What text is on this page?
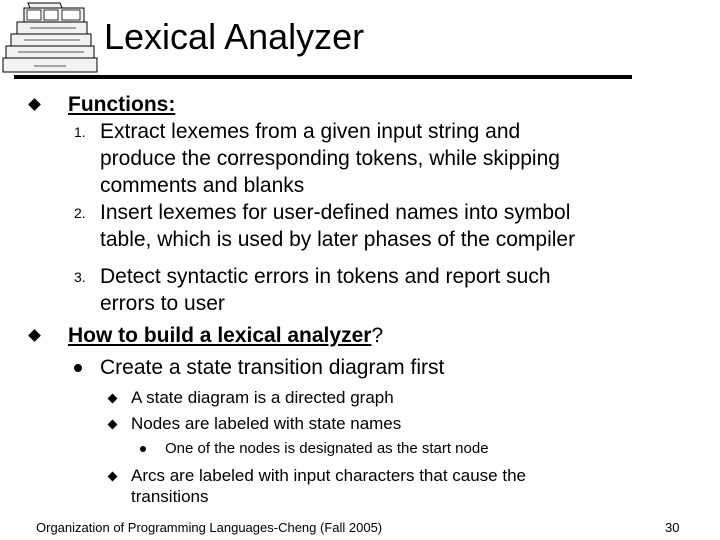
Lexical Analyzer
Functions:
1. Extract lexemes from a given input string and
produce the corresponding tokens, while skipping
comments and blanks
2. Insert lexemes for user-defined names into symbol
table, which is used by later phases of the compiler
3. Detect syntactic errors in tokens and report such
errors to user
How to build a lexical analyzer?
Create a state transition diagram first
A state diagram is a directed graph
Nodes are labeled with state names
One of the nodes is designated as the start node
Arcs are labeled with input characters that cause the
transitions
Organization of Programming Languages-Cheng (Fall 2005)	30
